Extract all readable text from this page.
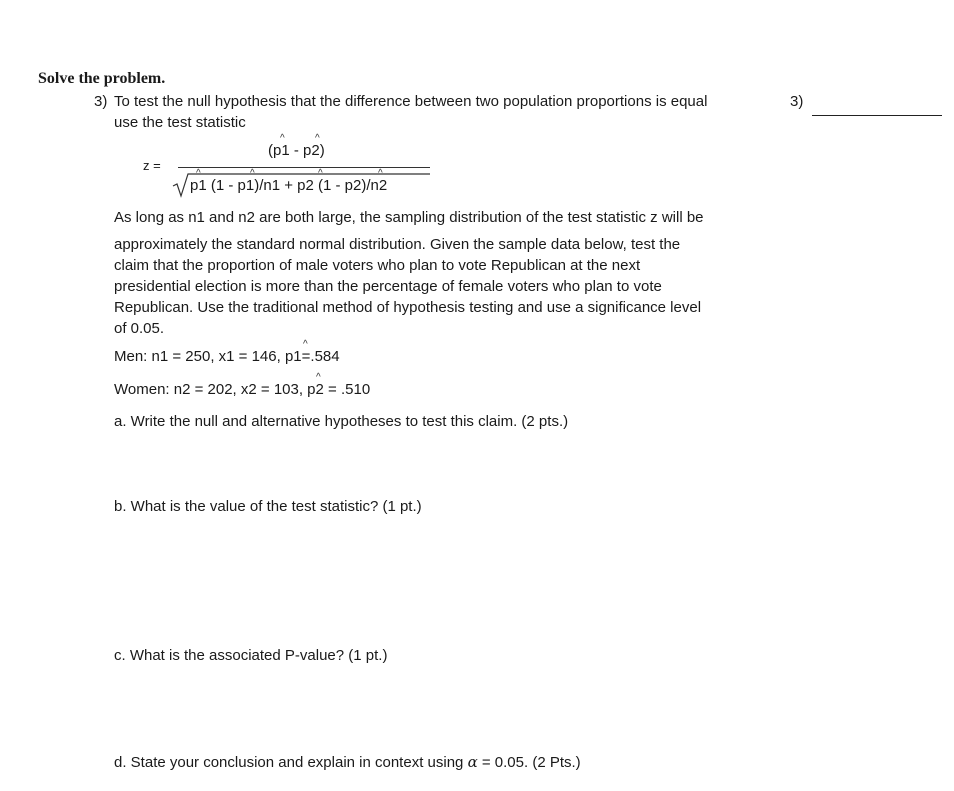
Solve the problem.
3) To test the null hypothesis that the difference between two population proportions is equal
use the test statistic
3)
z =
(p1 - p2)
^	^
p1 (1 - p1)/n1 + p2 (1 - p2)/n2
^	^	^	^
As long as n1 and n2 are both large, the sampling distribution of the test statistic z will be
approximately the standard normal distribution. Given the sample data below, test the
claim that the proportion of male voters who plan to vote Republican at the next
presidential election is more than the percentage of female voters who plan to vote
Republican. Use the traditional method of hypothesis testing and use a significance level
of 0.05.
^
Men: n1 = 250, x1 = 146, p1=.584
^
Women: n2 = 202, x2 = 103, p2 = .510
a. Write the null and alternative hypotheses to test this claim. (2 pts.)
b. What is the value of the test statistic? (1 pt.)
c. What is the associated P-value? (1 pt.)
d. State your conclusion and explain in context using α = 0.05. (2 Pts.)
